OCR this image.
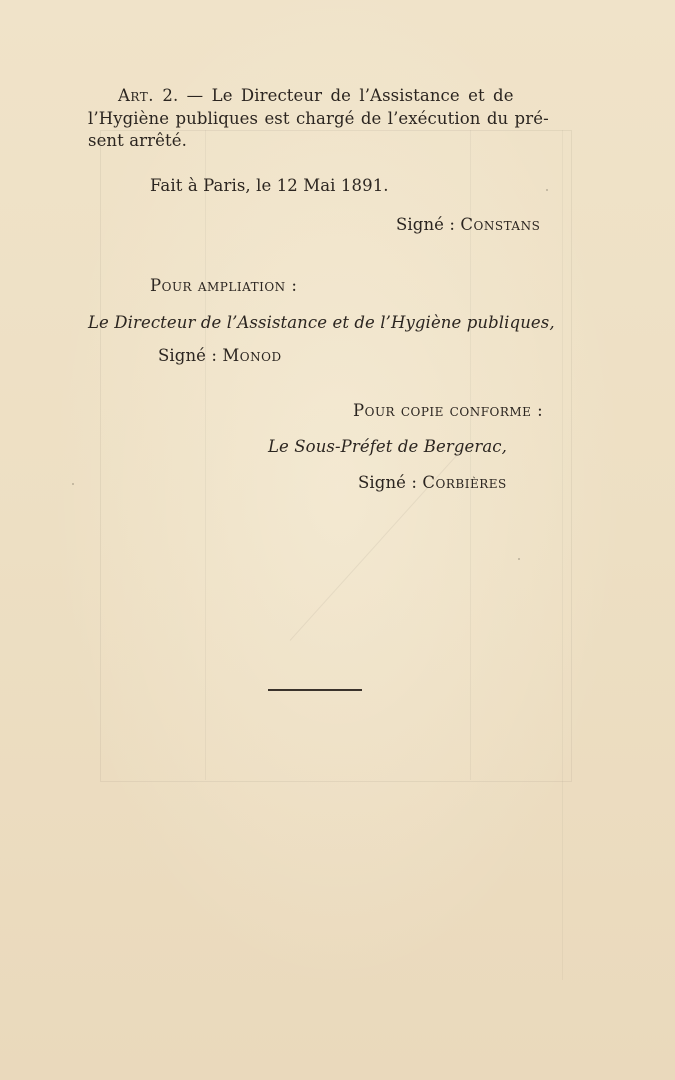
Art. 2. — Le Directeur de l’Assistance et de
l’Hygiène publiques est chargé de l’exécution du pré-
sent arrêté.
Fait à Paris, le 12 Mai 1891.
Signé : Constans
Pour ampliation :
Le Directeur de l’Assistance et de l’Hygiène publiques,
Signé : Monod
Pour copie conforme :
Le Sous-Préfet de Bergerac,
Signé : Corbières
